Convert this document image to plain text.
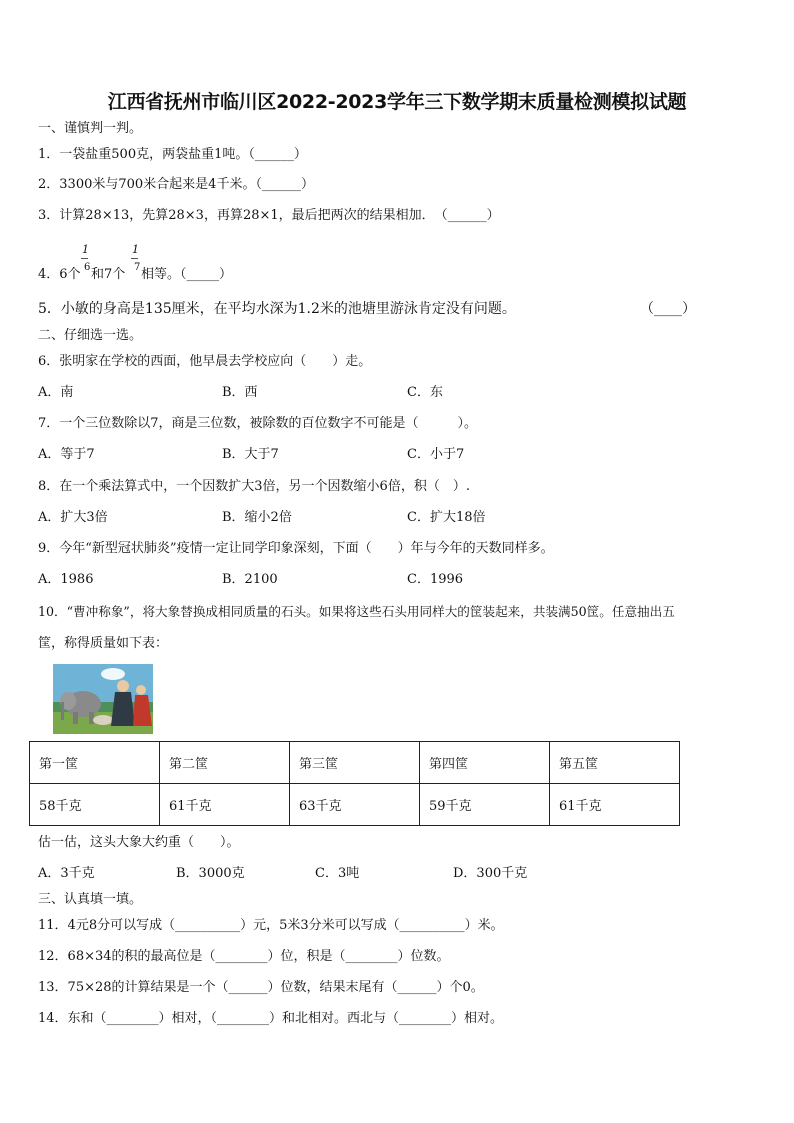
江西省抚州市临川区2022-2023学年三下数学期末质量检测模拟试题
一、谨慎判一判。
1．一袋盐重500克，两袋盐重1吨。（______）
2．3300米与700米合起来是4千米。（______）
3．计算28×13，先算28×3，再算28×1，最后把两次的结果相加．　（______）
4．6个
1
6 和7个
1
7 相等。（_____）
5．小敏的身高是135厘米，在平均水深为1.2米的池塘里游泳肯定没有问题。	（____）
二、仔细选一选。
6．张明家在学校的西面，他早晨去学校应向（　　）走。
A．南	B．西	C．东
7．一个三位数除以7，商是三位数，被除数的百位数字不可能是（　　　）。
A．等于7	B．大于7	C．小于7
8．在一个乘法算式中，一个因数扩大3倍，另一个因数缩小6倍，积（　）.
A．扩大3倍	B．缩小2倍	C．扩大18倍
9．今年“新型冠状肺炎”疫情一定让同学印象深刻，下面（　　）年与今年的天数同样多。
A．1986	B．2100	C．1996
10．“曹冲称象”，将大象替换成相同质量的石头。如果将这些石头用同样大的筐装起来，共装满50筐。任意抽出五
筐，称得质量如下表：
第一筐	第二筐	第三筐	第四筐	第五筐
58千克	61千克	63千克	59千克	61千克
估一估，这头大象大约重（　　）。
A．3千克	B．3000克	C．3吨	D．300千克
三、认真填一填。
11．4元8分可以写成（__________）元，5米3分米可以写成（__________）米。
12．68×34的积的最高位是（________）位，积是（________）位数。
13．75×28的计算结果是一个（______）位数，结果末尾有（______）个0。
14．东和（________）相对，（________）和北相对。西北与（________）相对。
